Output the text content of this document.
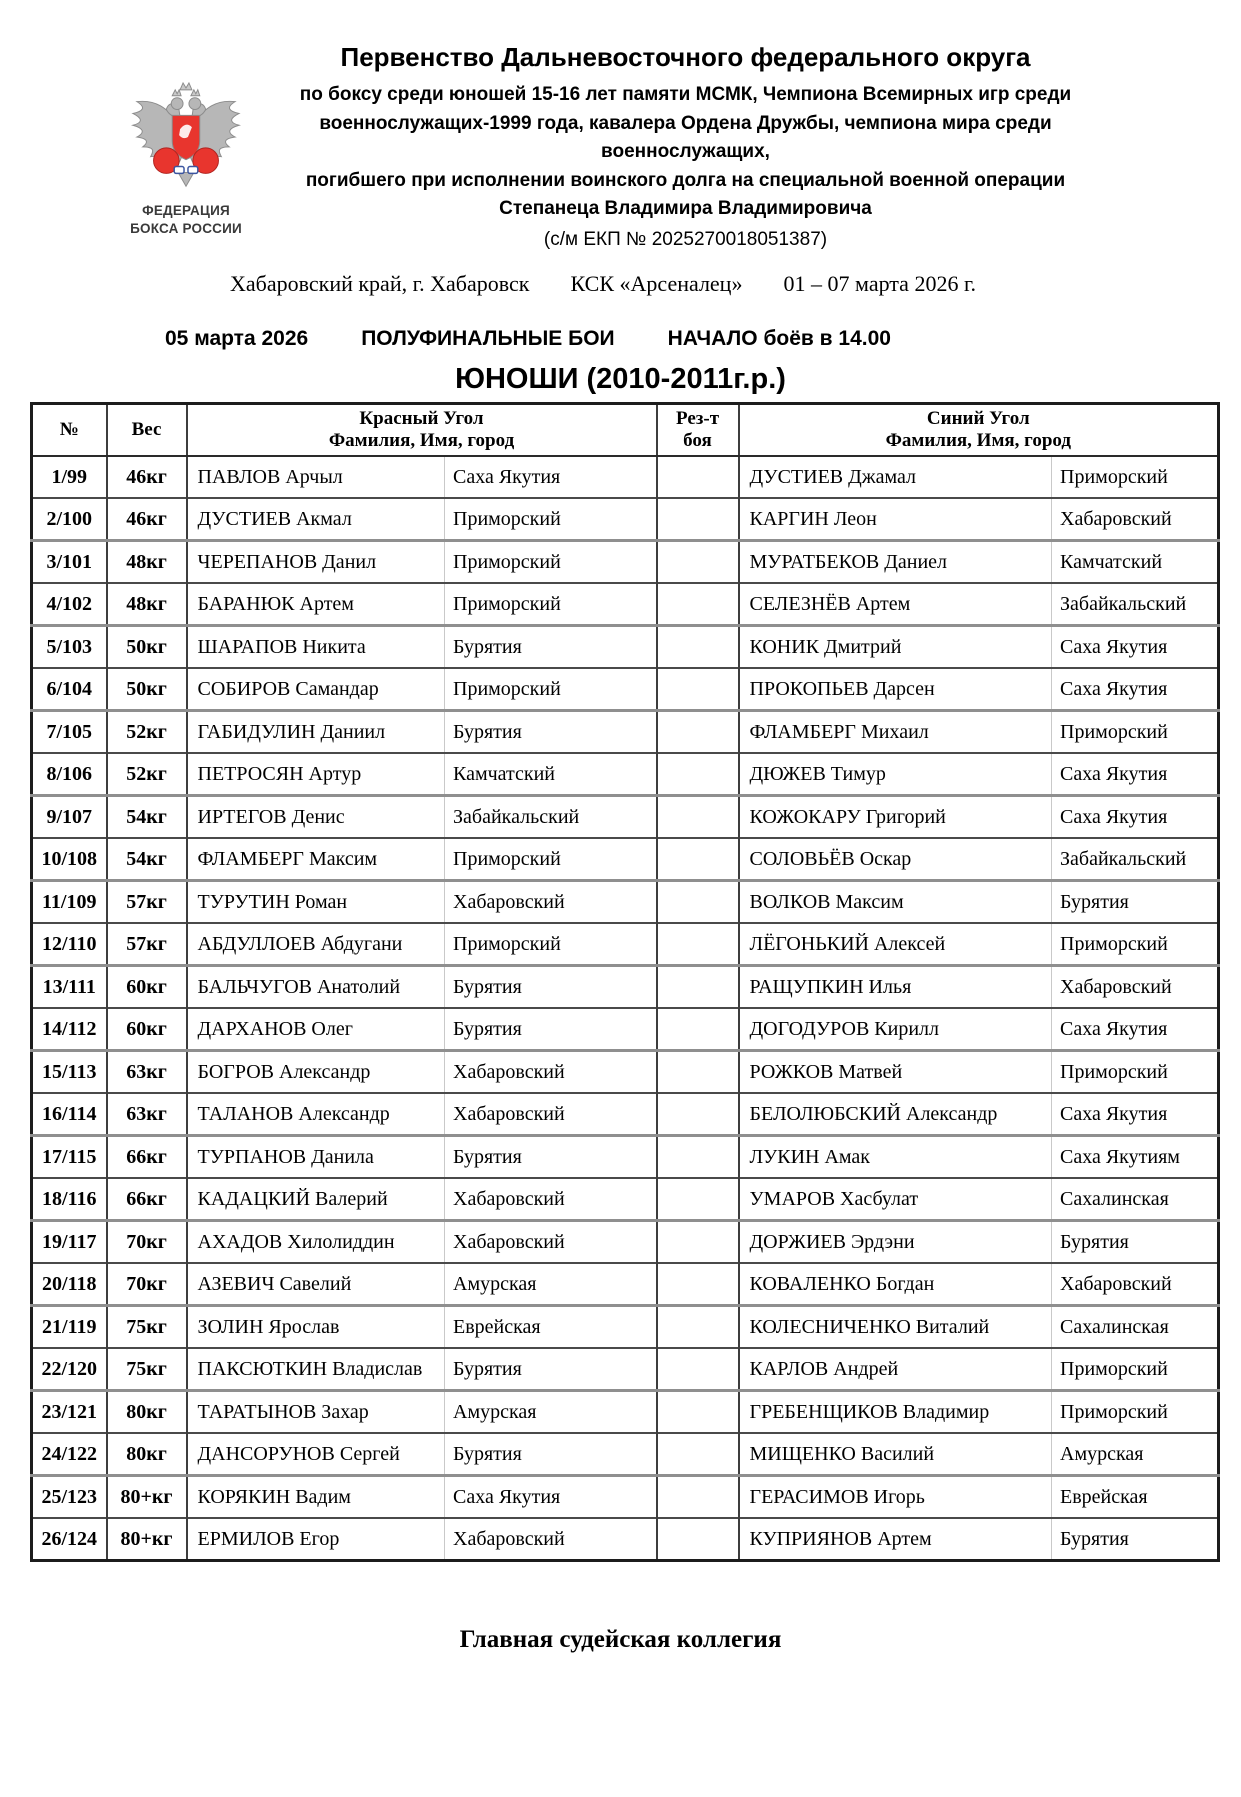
ФЕДЕРАЦИЯ
БОКСА РОССИИ
Первенство Дальневосточного федерального округа
по боксу среди юношей 15-16 лет памяти МСМК, Чемпиона Всемирных игр среди
военнослужащих-1999 года, кавалера Ордена Дружбы, чемпиона мира среди военнослужащих,
погибшего при исполнении воинского долга на специальной военной операции
Степанеца Владимира Владимировича
(с/м ЕКП № 2025270018051387)
Хабаровский край, г. Хабаровск КСК «Арсеналец» 01 – 07 марта 2026 г.
05 марта 2026	ПОЛУФИНАЛЬНЫЕ БОИ	НАЧАЛО боёв в 14.00
ЮНОШИ (2010-2011г.р.)
№	Вес	
Красный Угол
Фамилия, Имя, город

Рез-т
боя

Синий Угол
Фамилия, Имя, город

1/99	46кг	ПАВЛОВ Арчыл	Саха Якутия		ДУСТИЕВ Джамал	Приморский
2/100	46кг	ДУСТИЕВ Акмал	Приморский		КАРГИН Леон	Хабаровский
3/101	48кг	ЧЕРЕПАНОВ Данил	Приморский		МУРАТБЕКОВ Даниел	Камчатский
4/102	48кг	БАРАНЮК Артем	Приморский		СЕЛЕЗНЁВ Артем	Забайкальский
5/103	50кг	ШАРАПОВ Никита	Бурятия		КОНИК Дмитрий	Саха Якутия
6/104	50кг	СОБИРОВ Самандар	Приморский		ПРОКОПЬЕВ Дарсен	Саха Якутия
7/105	52кг	ГАБИДУЛИН Даниил	Бурятия		ФЛАМБЕРГ Михаил	Приморский
8/106	52кг	ПЕТРОСЯН Артур	Камчатский		ДЮЖЕВ Тимур	Саха Якутия
9/107	54кг	ИРТЕГОВ Денис	Забайкальский		КОЖОКАРУ Григорий	Саха Якутия
10/108	54кг	ФЛАМБЕРГ Максим	Приморский		СОЛОВЬЁВ Оскар	Забайкальский
11/109	57кг	ТУРУТИН Роман	Хабаровский		ВОЛКОВ Максим	Бурятия
12/110	57кг	АБДУЛЛОЕВ Абдугани	Приморский		ЛЁГОНЬКИЙ Алексей	Приморский
13/111	60кг	БАЛЬЧУГОВ Анатолий	Бурятия		РАЩУПКИН Илья	Хабаровский
14/112	60кг	ДАРХАНОВ Олег	Бурятия		ДОГОДУРОВ Кирилл	Саха Якутия
15/113	63кг	БОГРОВ Александр	Хабаровский		РОЖКОВ Матвей	Приморский
16/114	63кг	ТАЛАНОВ Александр	Хабаровский		БЕЛОЛЮБСКИЙ Александр	Саха Якутия
17/115	66кг	ТУРПАНОВ Данила	Бурятия		ЛУКИН Амак	Саха Якутиям
18/116	66кг	КАДАЦКИЙ Валерий	Хабаровский		УМАРОВ Хасбулат	Сахалинская
19/117	70кг	АХАДОВ Хилолиддин	Хабаровский		ДОРЖИЕВ Эрдэни	Бурятия
20/118	70кг	АЗЕВИЧ Савелий	Амурская		КОВАЛЕНКО Богдан	Хабаровский
21/119	75кг	ЗОЛИН Ярослав	Еврейская		КОЛЕСНИЧЕНКО Виталий	Сахалинская
22/120	75кг	ПАКСЮТКИН Владислав	Бурятия		КАРЛОВ Андрей	Приморский
23/121	80кг	ТАРАТЫНОВ Захар	Амурская		ГРЕБЕНЩИКОВ Владимир	Приморский
24/122	80кг	ДАНСОРУНОВ Сергей	Бурятия		МИЩЕНКО Василий	Амурская
25/123	80+кг	КОРЯКИН Вадим	Саха Якутия		ГЕРАСИМОВ Игорь	Еврейская
26/124	80+кг	ЕРМИЛОВ Егор	Хабаровский		КУПРИЯНОВ Артем	Бурятия
Главная судейская коллегия
